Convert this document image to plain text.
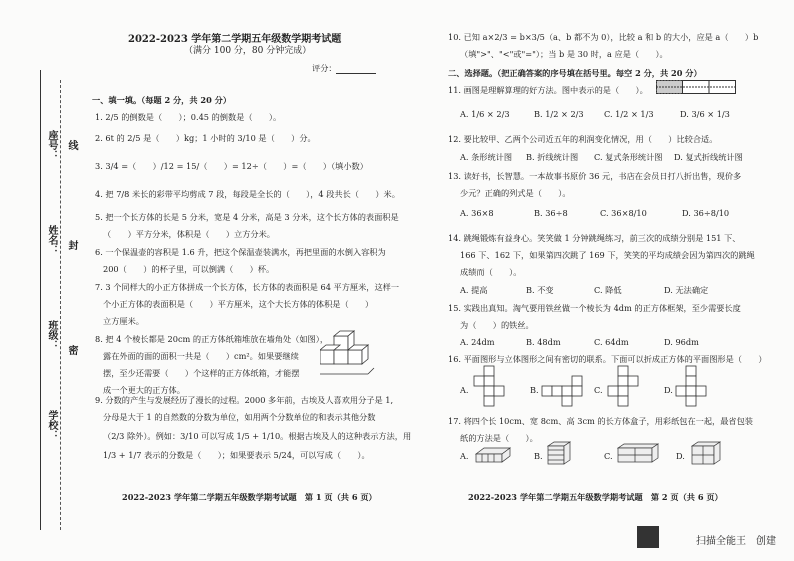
座号： 线
姓名： 封
班级： 密
学校：
2022-2023 学年第二学期五年级数学期考试题
（满分 100 分，80 分钟完成）
评分：
一、填一填。（每题 2 分，共 20 分）
1. 2/5 的倒数是（　　）；0.45 的倒数是（　　）。
2. 6t 的 2/5 是（　　）kg；1 小时的 3/10 是（　　）分。
3. 3/4 =（　　）/12 = 15/（　　）= 12÷（　　）=（　　）（填小数）
4. 把 7/8 米长的彩带平均剪成 7 段，每段是全长的（　　），4 段共长（　　）米。
5. 把一个长方体的长是 5 分米，宽是 4 分米，高是 3 分米，这个长方体的表面积是
（　　）平方分米，体积是（　　）立方分米。
6. 一个保温壶的容积是 1.6 升，把这个保温壶装满水，再把里面的水倒入容积为
200（　　）的杯子里，可以倒满（　　）杯。
7. 3 个同样大的小正方体拼成一个长方体，长方体的表面积是 64 平方厘米，这样一
个小正方体的表面积是（　　）平方厘米，这个大长方体的体积是（　　）
立方厘米。
8. 把 4 个棱长都是 20cm 的正方体纸箱堆放在墙角处（如图），
露在外面的面的面积一共是（　　）cm²。如果要继续
摆，至少还需要（　　）个这样的正方体纸箱，才能摆
成一个更大的正方体。
9. 分数的产生与发展经历了漫长的过程。2000 多年前，古埃及人喜欢用分子是 1,
分母是大于 1 的自然数的分数为单位，如用两个分数单位的和表示其他分数
（2/3 除外）。例如：3/10 可以写成 1/5 + 1/10。根据古埃及人的这种表示方法，用
1/3 + 1/7 表示的分数是（　　）；如果要表示 5/24，可以写成（　　）。
2022-2023 学年第二学期五年级数学期考试题　第 1 页（共 6 页）
10. 已知 a×2/3 = b×3/5（a、b 都不为 0），比较 a 和 b 的大小，应是 a（　　）b
（填">"、"<"或"="）；当 b 是 30 时，a 应是（　　）。
二、选择题。（把正确答案的序号填在括号里。每空 2 分，共 20 分）
11. 画图是理解算理的好方法。图中表示的是（　　）。
A. 1/6 × 2/3	B. 1/2 × 2/3 C. 1/2 × 1/3	D. 3/6 × 1/3
12. 要比较甲、乙两个公司近五年的利润变化情况，用（　　）比较合适。
A. 条形统计图 B. 折线统计图 C. 复式条形统计图 D. 复式折线统计图
13. 读好书，长智慧。一本故事书原价 36 元，书店在会员日打八折出售，现价多
少元？正确的列式是（　　）。
A. 36×8	B. 36÷8	C. 36×8/10	D. 36÷8/10
14. 跳绳锻炼有益身心。笑笑做 1 分钟跳绳练习，前三次的成绩分别是 151 下、
166 下、162 下，如果第四次跳了 169 下，笑笑的平均成绩会因为第四次的跳绳
成绩而（　　）。
A. 提高	B. 不变	C. 降低	D. 无法确定
15. 实践出真知。淘气要用铁丝做一个棱长为 4dm 的正方体框架，至少需要长度
为（　　）的铁丝。
A. 24dm	B. 48dm	C. 64dm	D. 96dm
16. 平面图形与立体图形之间有密切的联系。下面可以折成正方体的平面图形是（　　）
A.	B.	C.	D.
17. 将四个长 10cm、宽 8cm、高 3cm 的长方体盒子，用彩纸包在一起，最省包装
纸的方法是（　　）。
A.	B.	C.	D.
2022-2023 学年第二学期五年级数学期考试题　第 2 页（共 6 页）
扫描全能王　创建
